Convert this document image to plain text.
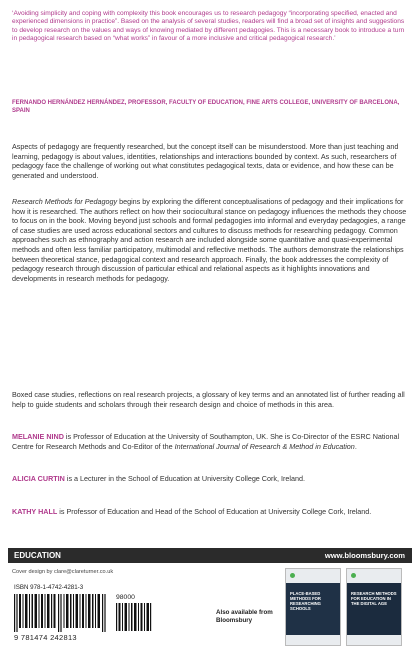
‘Avoiding simplicity and coping with complexity this book encourages us to research pedagogy “incorporating specified, enacted and experienced dimensions in practice”. Based on the analysis of several studies, readers will find a broad set of insights and suggestions to develop research on the values and ways of knowing mediated by different pedagogies. This is a necessary book to introduce a turn in pedagogical research based on “what works” in favour of a more inclusive and critical pedagogical research.’
FERNANDO HERNÁNDEZ HERNÁNDEZ, PROFESSOR, FACULTY OF EDUCATION, FINE ARTS COLLEGE, UNIVERSITY OF BARCELONA, SPAIN
Aspects of pedagogy are frequently researched, but the concept itself can be misunderstood. More than just teaching and learning, pedagogy is about values, identities, relationships and interactions bounded by context. As such, researchers of pedagogy face the challenge of working out what constitutes pedagogical texts, data or evidence, and how these can be generated and understood.
Research Methods for Pedagogy begins by exploring the different conceptualisations of pedagogy and their implications for how it is researched. The authors reflect on how their sociocultural stance on pedagogy influences the methods they choose to focus on in the book. Moving beyond just schools and formal pedagogies into informal and everyday pedagogies, a range of case studies are used across educational sectors and cultures to discuss methods for researching pedagogy. Common approaches such as ethnography and action research are included alongside some quantitative and quasi-experimental methods and often less familiar participatory, multimodal and reflective methods. The authors demonstrate the relationships between theoretical stance, pedagogical context and research approach. Finally, the book addresses the complexity of pedagogy research through discussion of particular ethical and relational aspects as it highlights innovations and developments in research methods for pedagogy.
Boxed case studies, reflections on real research projects, a glossary of key terms and an annotated list of further reading all help to guide students and scholars through their research design and choice of methods in this area.
MELANIE NIND is Professor of Education at the University of Southampton, UK. She is Co-Director of the ESRC National Centre for Research Methods and Co-Editor of the International Journal of Research & Method in Education.
ALICIA CURTIN is a Lecturer in the School of Education at University College Cork, Ireland.
KATHY HALL is Professor of Education and Head of the School of Education at University College Cork, Ireland.
EDUCATION	www.bloomsbury.com
Cover design by clare@clareturner.co.uk
ISBN 978-1-4742-4281-3
98000
9 781474 242813
Also available from Bloomsbury
PLACE-BASED METHODS FOR RESEARCHING SCHOOLS
RESEARCH METHODS FOR EDUCATION IN THE DIGITAL AGE
